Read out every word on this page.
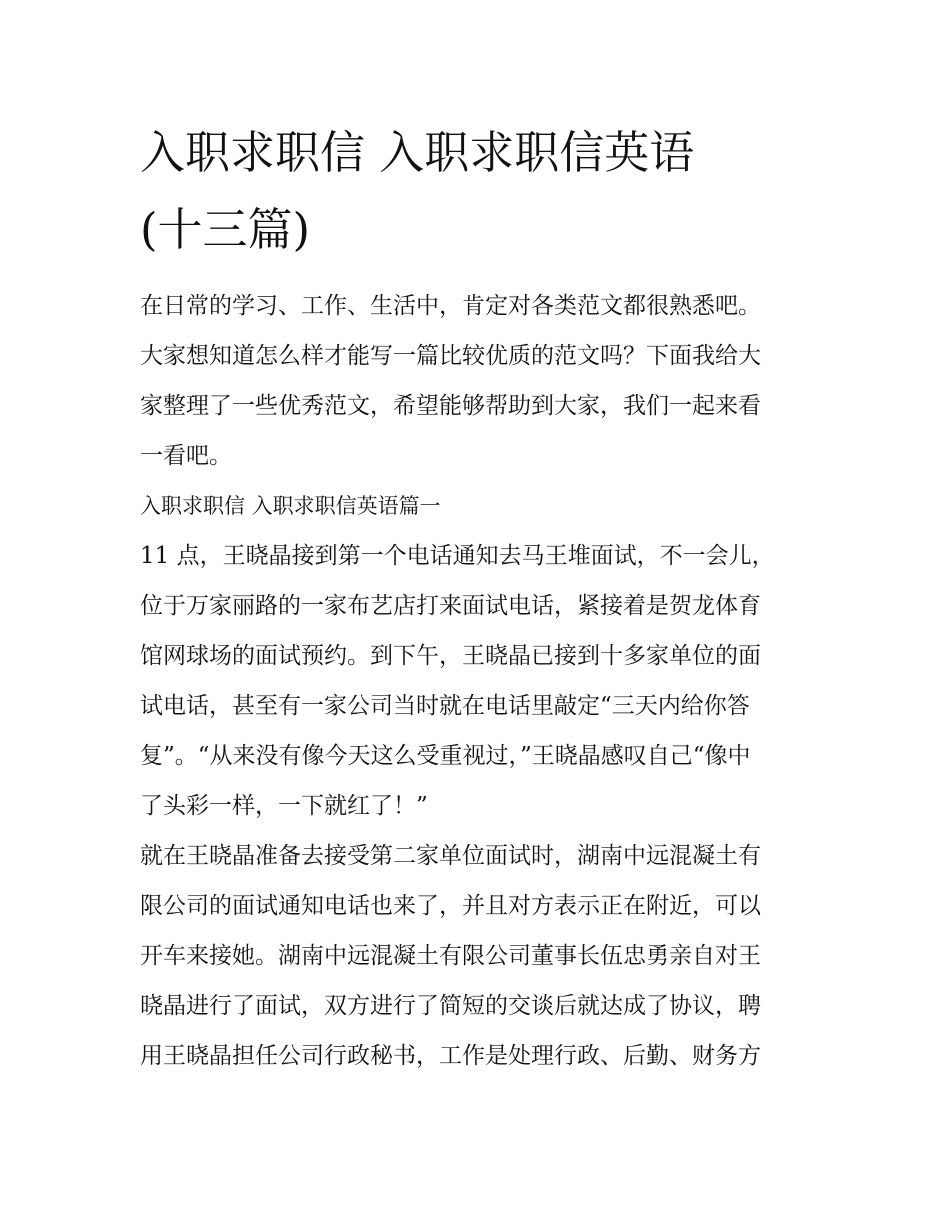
入职求职信 入职求职信英语
(十三篇)

在日常的学习、工作、生活中，肯定对各类范文都很熟悉吧。
大家想知道怎么样才能写一篇比较优质的范文吗？下面我给大
家整理了一些优秀范文，希望能够帮助到大家，我们一起来看
一看吧。

入职求职信 入职求职信英语篇一

11 点，王晓晶接到第一个电话通知去马王堆面试，不一会儿，
位于万家丽路的一家布艺店打来面试电话，紧接着是贺龙体育
馆网球场的面试预约。到下午，王晓晶已接到十多家单位的面
试电话，甚至有一家公司当时就在电话里敲定“三天内给你答
复”。“从来没有像今天这么受重视过，”王晓晶感叹自己“像中
了头彩一样，一下就红了！”

就在王晓晶准备去接受第二家单位面试时，湖南中远混凝土有
限公司的面试通知电话也来了，并且对方表示正在附近，可以
开车来接她。湖南中远混凝土有限公司董事长伍忠勇亲自对王
晓晶进行了面试，双方进行了简短的交谈后就达成了协议，聘
用王晓晶担任公司行政秘书，工作是处理行政、后勤、财务方
